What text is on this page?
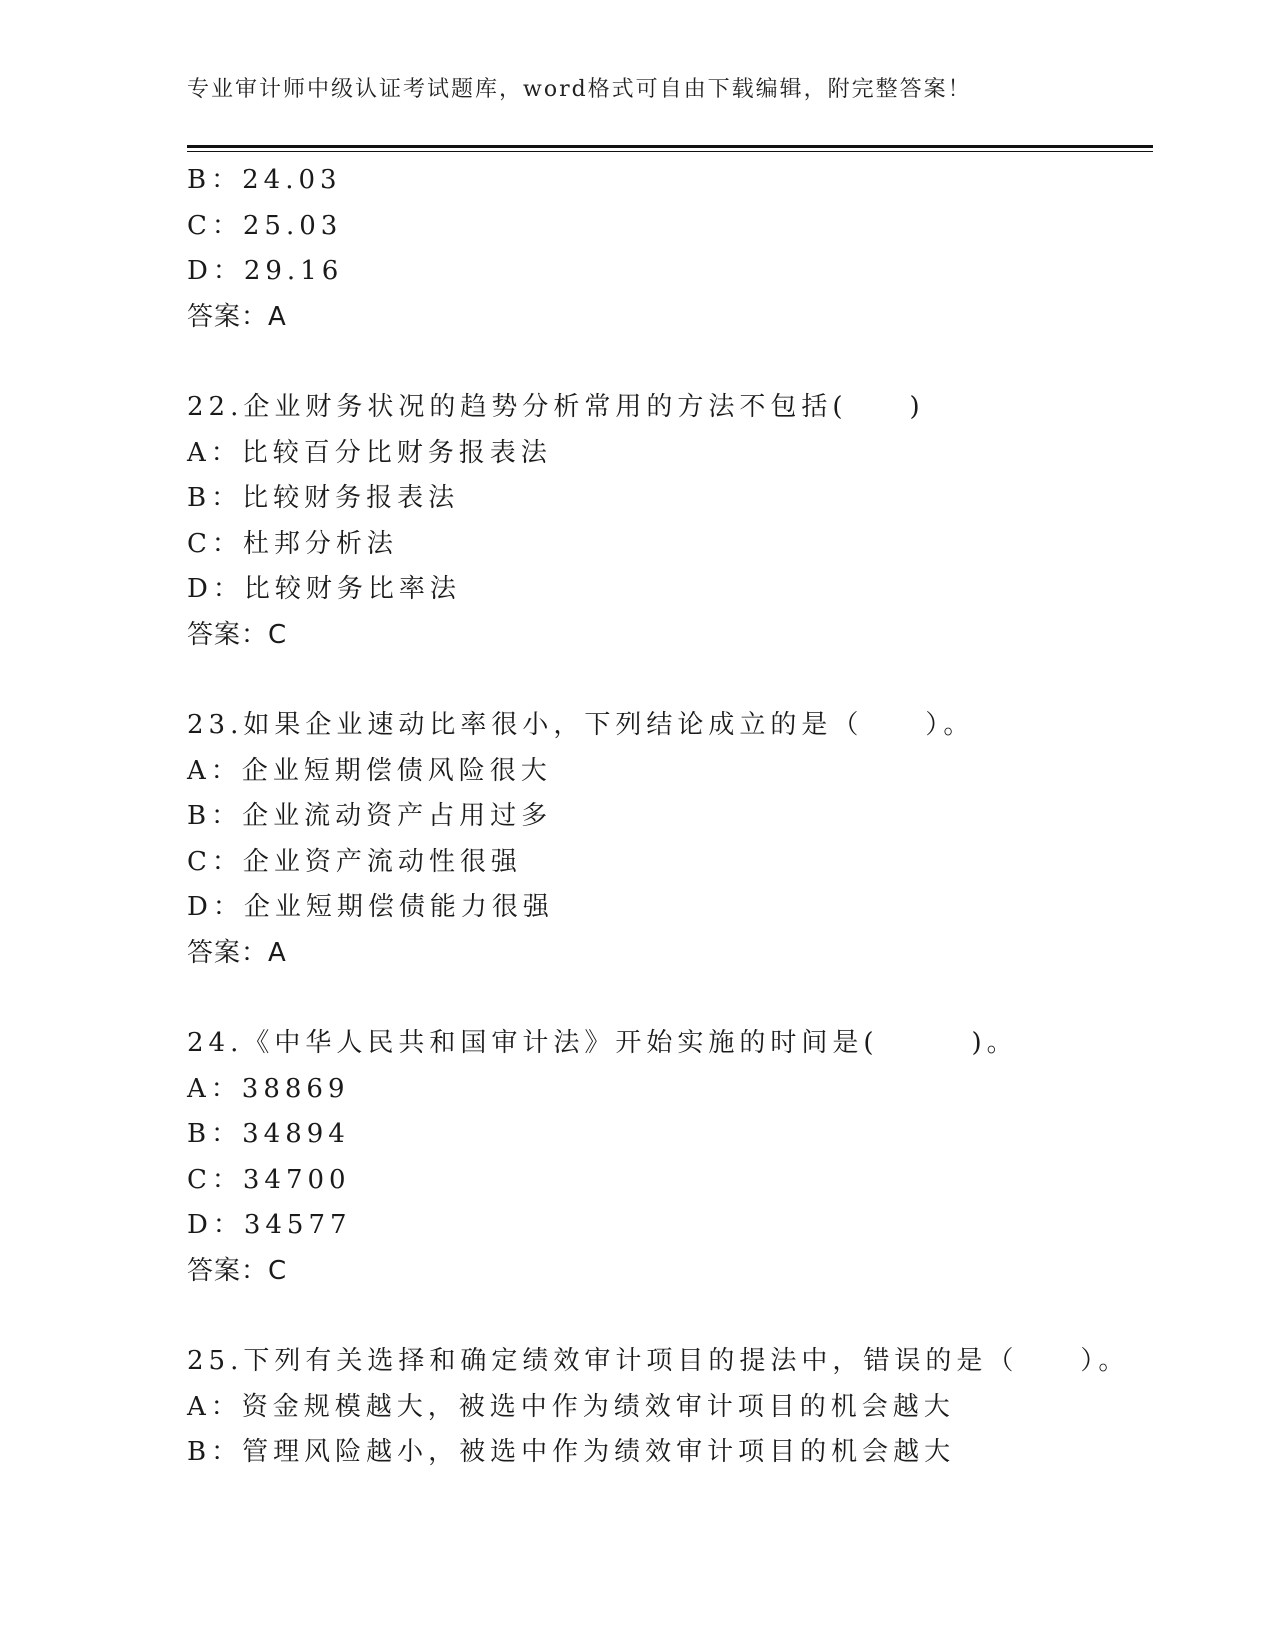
专业审计师中级认证考试题库，word格式可自由下载编辑，附完整答案！
B：24.03
C：25.03
D：29.16
答案：A
22.企业财务状况的趋势分析常用的方法不包括(　　)
A：比较百分比财务报表法
B：比较财务报表法
C：杜邦分析法
D：比较财务比率法
答案：C
23.如果企业速动比率很小，下列结论成立的是（　　）。
A：企业短期偿债风险很大
B：企业流动资产占用过多
C：企业资产流动性很强
D：企业短期偿债能力很强
答案：A
24.《中华人民共和国审计法》开始实施的时间是(　　　)。
A：38869
B：34894
C：34700
D：34577
答案：C
25.下列有关选择和确定绩效审计项目的提法中，错误的是（　　）。
A：资金规模越大，被选中作为绩效审计项目的机会越大
B：管理风险越小，被选中作为绩效审计项目的机会越大
